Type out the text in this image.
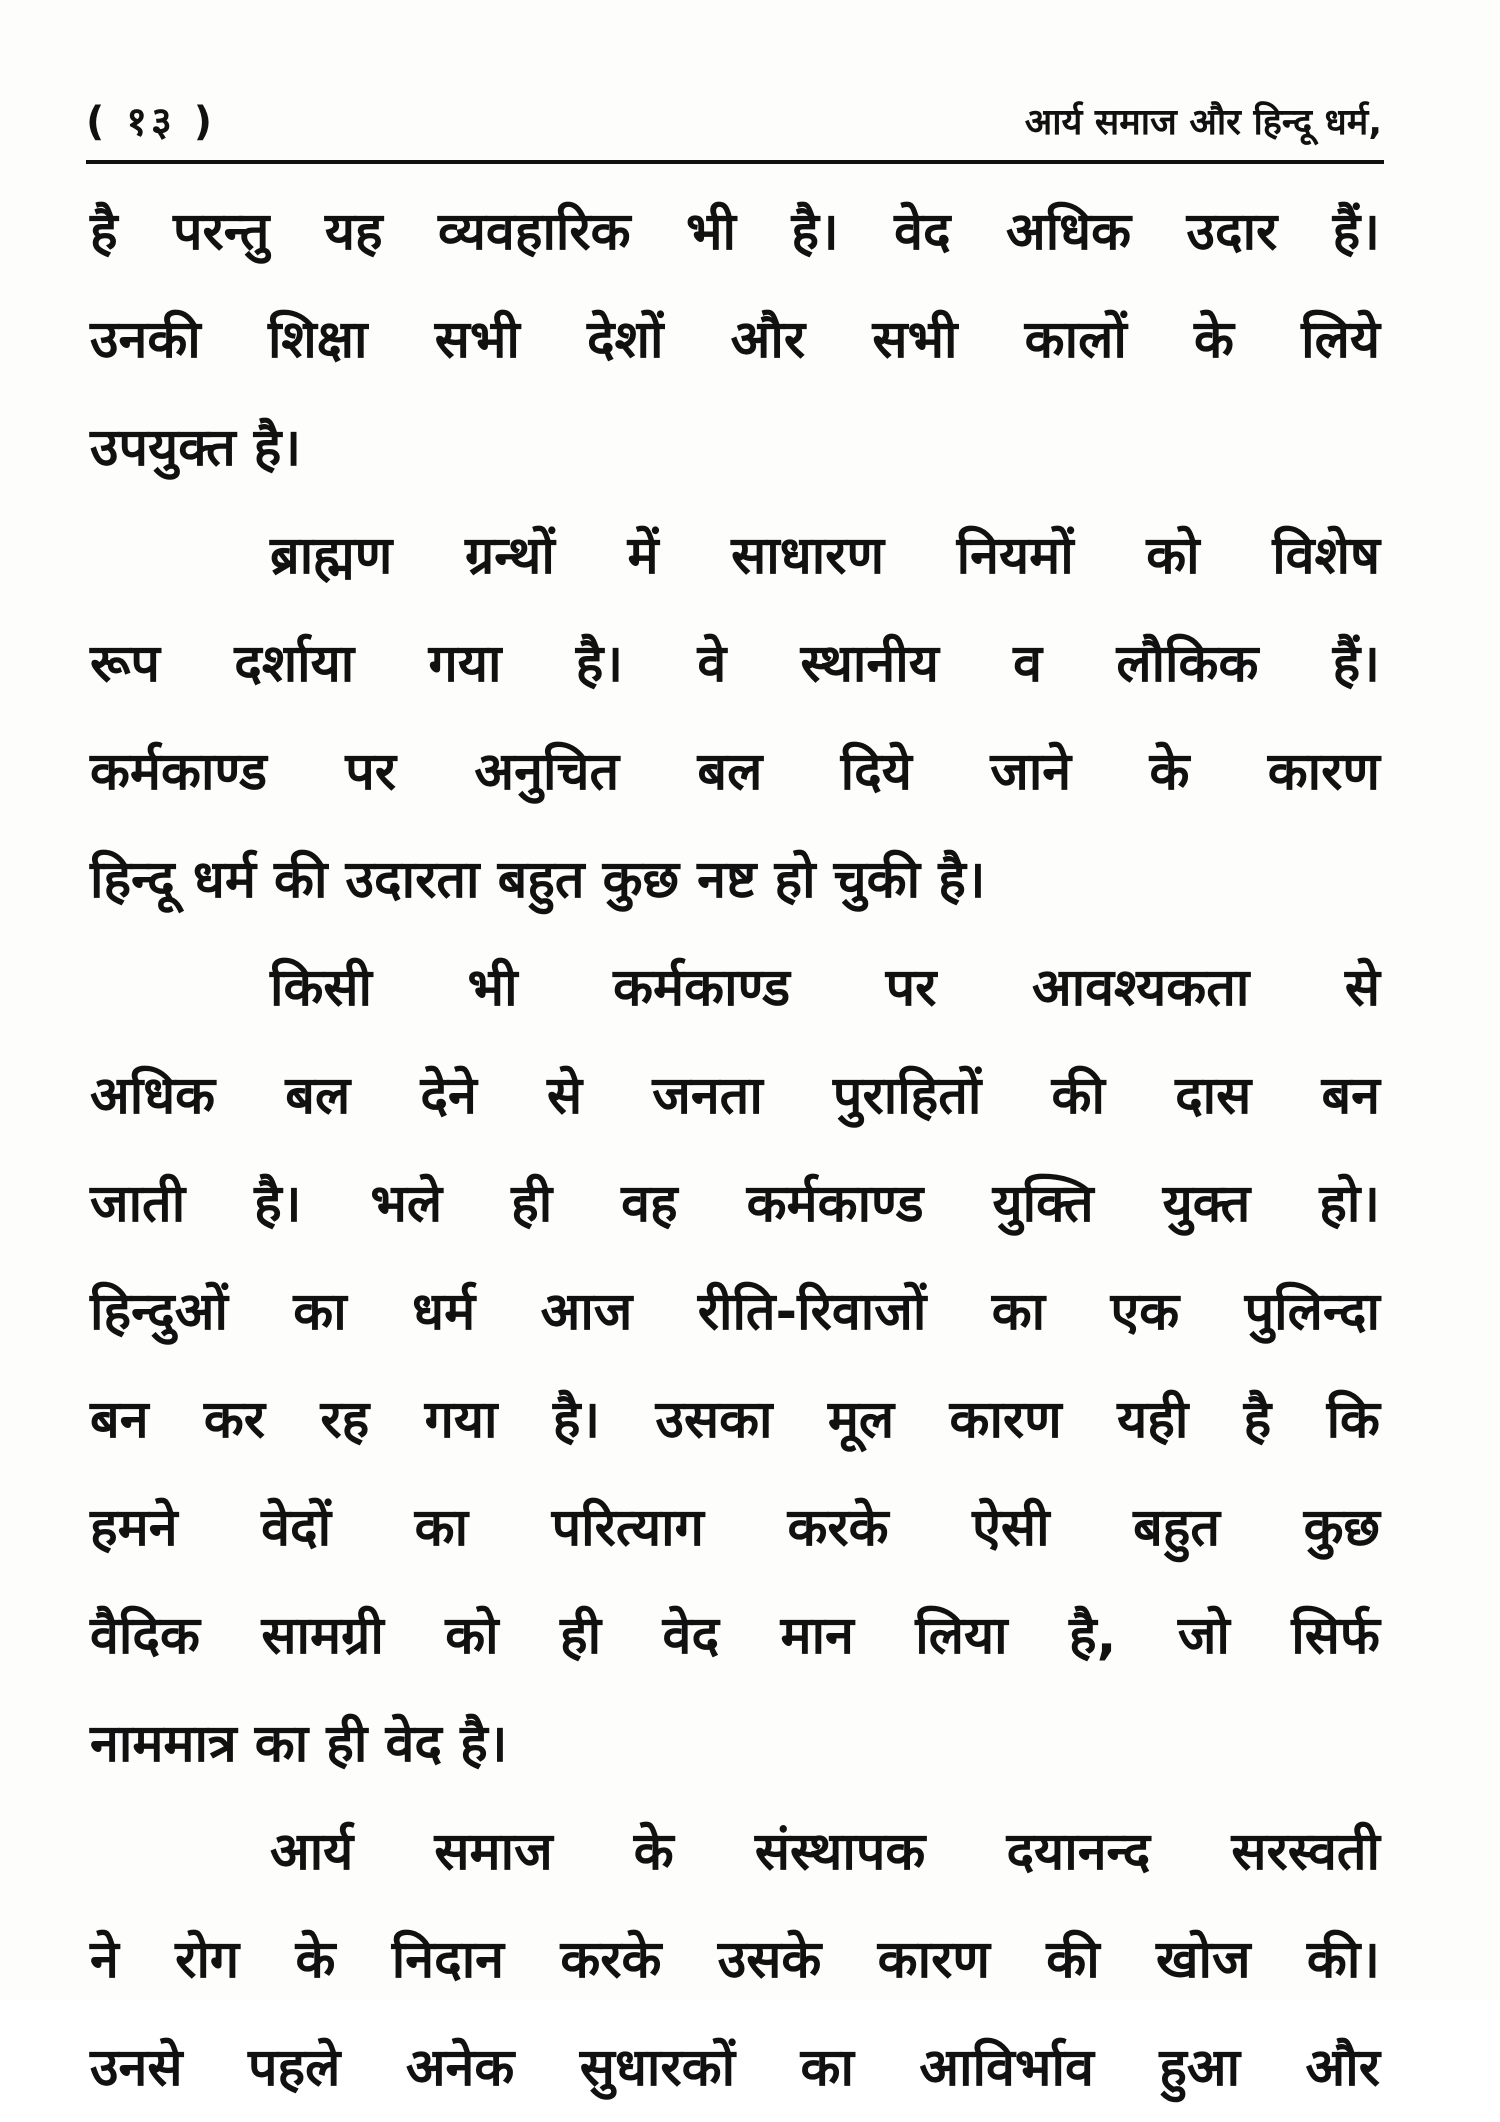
( १३ )	आर्य समाज और हिन्दू धर्म,
है परन्तु यह व्यवहारिक भी है। वेद अधिक उदार हैं।
उनकी शिक्षा सभी देशों और सभी कालों के लिये
उपयुक्त है।
ब्राह्मण ग्रन्थों में साधारण नियमों को विशेष
रूप दर्शाया गया है। वे स्थानीय व लौकिक हैं।
कर्मकाण्ड पर अनुचित बल दिये जाने के कारण
हिन्दू धर्म की उदारता बहुत कुछ नष्ट हो चुकी है।
किसी भी कर्मकाण्ड पर आवश्यकता से
अधिक बल देने से जनता पुराहितों की दास बन
जाती है। भले ही वह कर्मकाण्ड युक्ति युक्त हो।
हिन्दुओं का धर्म आज रीति-रिवाजों का एक पुलिन्दा
बन कर रह गया है। उसका मूल कारण यही है कि
हमने वेदों का परित्याग करके ऐसी बहुत कुछ
वैदिक सामग्री को ही वेद मान लिया है, जो सिर्फ
नाममात्र का ही वेद है।
आर्य समाज के संस्थापक दयानन्द सरस्वती
ने रोग के निदान करके उसके कारण की खोज की।
उनसे पहले अनेक सुधारकों का आविर्भाव हुआ और
